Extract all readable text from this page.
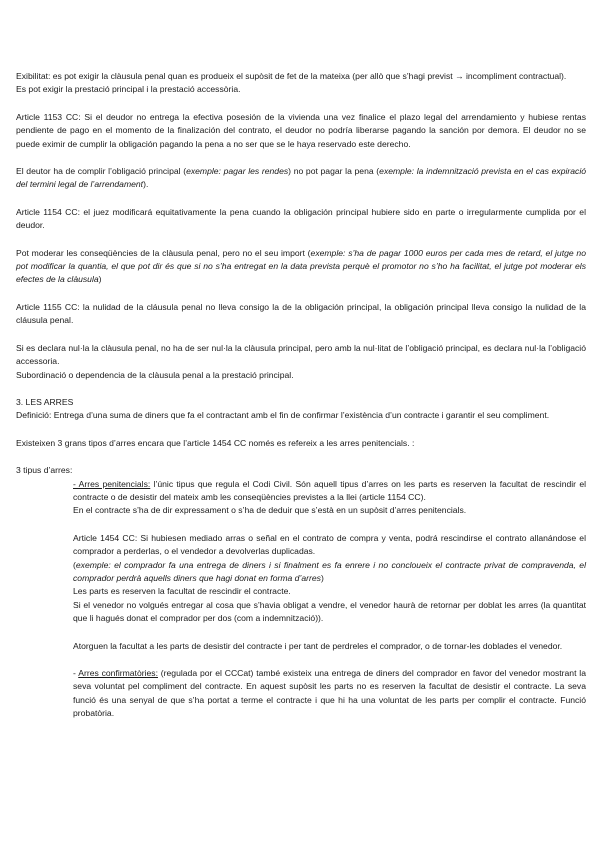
Exibilitat: es pot exigir la clàusula penal quan es produeix el supòsit de fet de la mateixa (per allò que s’hagi previst → incompliment contractual).
Es pot exigir la prestació principal i la prestació accessòria.

Article 1153 CC: Si el deudor no entrega la efectiva posesión de la vivienda una vez finalice el plazo legal del arrendamiento y hubiese rentas pendiente de pago en el momento de la finalización del contrato, el deudor no podría liberarse pagando la sanción por demora. El deudor no se puede eximir de cumplir la obligación pagando la pena a no ser que se le haya reservado este derecho.

El deutor ha de complir l’obligació principal (exemple: pagar les rendes) no pot pagar la pena (exemple: la indemnització prevista en el cas expiració del termini legal de l’arrendament).

Article 1154 CC: el juez modificará equitativamente la pena cuando la obligación principal hubiere sido en parte o irregularmente cumplida por el deudor.

Pot moderar les conseqüències de la clàusula penal, pero no el seu import (exemple: s’ha de pagar 1000 euros per cada mes de retard, el jutge no pot modificar la quantia, el que pot dir és que si no s’ha entregat en la data prevista perquè el promotor no s’ho ha facilitat, el jutge pot moderar els efectes de la clàusula)

Article 1155 CC: la nulidad de la cláusula penal no lleva consigo la de la obligación principal, la obligación principal lleva consigo la nulidad de la cláusula penal.

Si es declara nul·la la clàusula penal, no ha de ser nul·la la clàusula principal, pero amb la nul·litat de l’obligació principal, es declara nul·la l’obligació accessoria.
Subordinació o dependencia de la clàusula penal a la prestació principal.

3. LES ARRES
Definició: Entrega d’una suma de diners que fa el contractant amb el fin de confirmar l’existència d’un contracte i garantir el seu compliment.

Existeixen 3 grans tipos d’arres encara que l’article 1454 CC només es refereix a les arres penitencials. :

3 tipus d’arres:

- Arres penitencials: l’únic tipus que regula el Codi Civil. Són aquell tipus d’arres on les parts es reserven la facultat de rescindir el contracte o de desistir del mateix amb les conseqüències previstes a la llei (article 1154 CC).
En el contracte s’ha de dir expressament o s’ha de deduir que s’està en un supòsit d’arres penitencials.

Article 1454 CC: Si hubiesen mediado arras o señal en el contrato de compra y venta, podrá rescindirse el contrato allanándose el comprador a perderlas, o el vendedor a devolverlas duplicadas.
(exemple: el comprador fa una entrega de diners i si finalment es fa enrere i no concloueix el contracte privat de compravenda, el comprador perdrà aquells diners que hagi donat en forma d’arres)
Les parts es reserven la facultat de rescindir el contracte.
Si el venedor no volgués entregar al cosa que s’havia obligat a vendre, el venedor haurà de retornar per doblat les arres (la quantitat que li hagués donat el comprador per dos (com a indemnització)).

Atorguen la facultat a les parts de desistir del contracte i per tant de perdreles el comprador, o de tornar-les doblades el venedor.

- Arres confirmatòries: (regulada por el CCCat) també existeix una entrega de diners del comprador en favor del venedor mostrant la seva voluntat pel compliment del contracte. En aquest supòsit les parts no es reserven la facultat de desistir el contracte. La seva funció és una senyal de que s’ha portat a terme el contracte i que hi ha una voluntat de les parts per complir el contracte. Funció probatòria.
